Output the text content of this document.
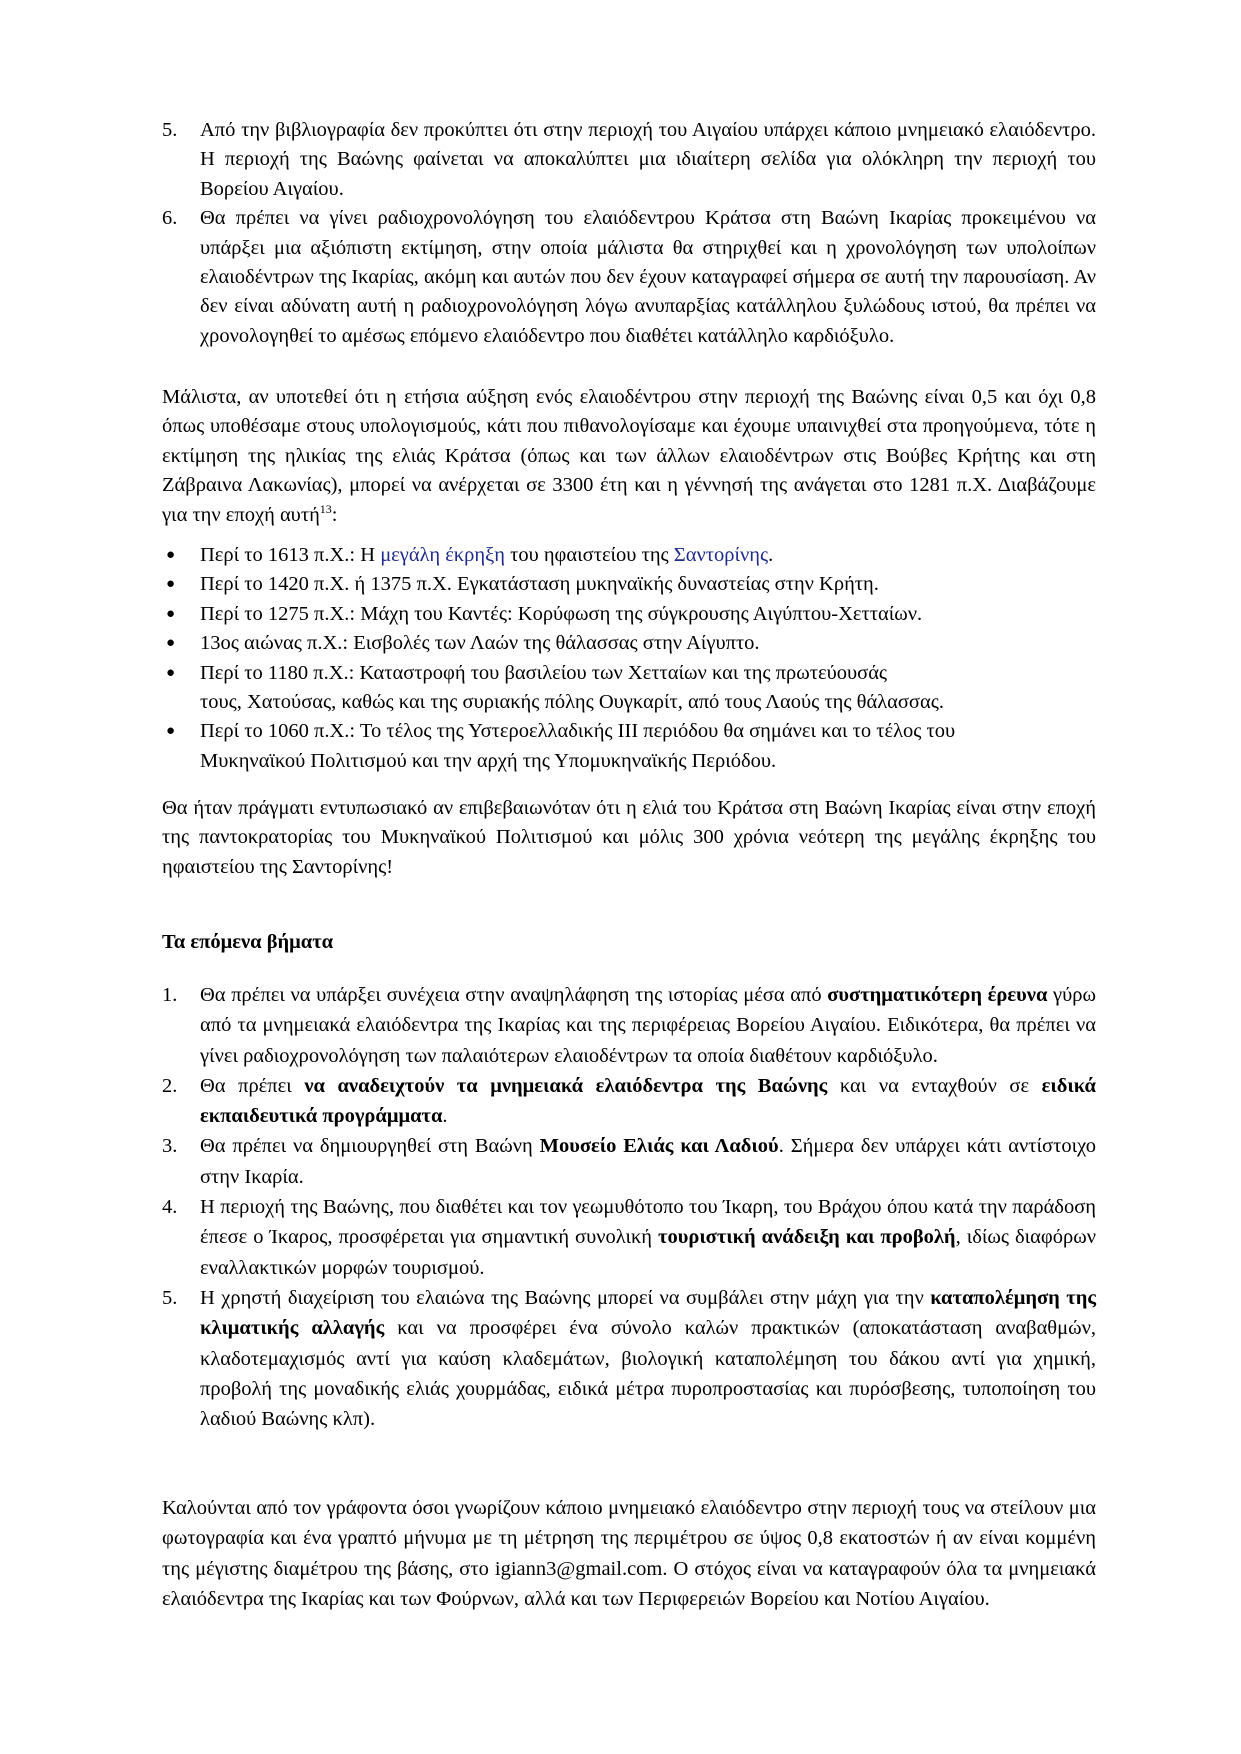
5. Από την βιβλιογραφία δεν προκύπτει ότι στην περιοχή του Αιγαίου υπάρχει κάποιο μνημειακό ελαιόδεντρο. Η περιοχή της Βαώνης φαίνεται να αποκαλύπτει μια ιδιαίτερη σελίδα για ολόκληρη την περιοχή του Βορείου Αιγαίου.
6. Θα πρέπει να γίνει ραδιοχρονολόγηση του ελαιόδεντρου Κράτσα στη Βαώνη Ικαρίας προκειμένου να υπάρξει μια αξιόπιστη εκτίμηση, στην οποία μάλιστα θα στηριχθεί και η χρονολόγηση των υπολοίπων ελαιοδέντρων της Ικαρίας, ακόμη και αυτών που δεν έχουν καταγραφεί σήμερα σε αυτή την παρουσίαση. Αν δεν είναι αδύνατη αυτή η ραδιοχρονολόγηση λόγω ανυπαρξίας κατάλληλου ξυλώδους ιστού, θα πρέπει να χρονολογηθεί το αμέσως επόμενο ελαιόδεντρο που διαθέτει κατάλληλο καρδιόξυλο.
Μάλιστα, αν υποτεθεί ότι η ετήσια αύξηση ενός ελαιοδέντρου στην περιοχή της Βαώνης είναι 0,5 και όχι 0,8 όπως υποθέσαμε στους υπολογισμούς, κάτι που πιθανολογίσαμε και έχουμε υπαινιχθεί στα προηγούμενα, τότε η εκτίμηση της ηλικίας της ελιάς Κράτσα (όπως και των άλλων ελαιοδέντρων στις Βούβες Κρήτης και στη Ζάβραινα Λακωνίας), μπορεί να ανέρχεται σε 3300 έτη και η γέννησή της ανάγεται στο 1281 π.Χ. Διαβάζουμε για την εποχή αυτή$^{13}$:
● Περί το 1613 π.Χ.: Η μεγάλη έκρηξη του ηφαιστείου της Σαντορίνης.
● Περί το 1420 π.Χ. ή 1375 π.Χ. Εγκατάσταση μυκηναϊκής δυναστείας στην Κρήτη.
● Περί το 1275 π.Χ.: Μάχη του Καντές: Κορύφωση της σύγκρουσης Αιγύπτου-Χετταίων.
● 13ος αιώνας π.Χ.: Εισβολές των Λαών της θάλασσας στην Αίγυπτο.
● Περί το 1180 π.Χ.: Καταστροφή του βασιλείου των Χετταίων και της πρωτεύουσάς
τους, Χατούσας, καθώς και της συριακής πόλης Ουγκαρίτ, από τους Λαούς της θάλασσας.
● Περί το 1060 π.Χ.: Το τέλος της Υστεροελλαδικής ΙΙΙ περιόδου θα σημάνει και το τέλος του
Μυκηναϊκού Πολιτισμού και την αρχή της Υπομυκηναϊκής Περιόδου.
Θα ήταν πράγματι εντυπωσιακό αν επιβεβαιωνόταν ότι η ελιά του Κράτσα στη Βαώνη Ικαρίας είναι στην εποχή της παντοκρατορίας του Μυκηναϊκού Πολιτισμού και μόλις 300 χρόνια νεότερη της μεγάλης έκρηξης του ηφαιστείου της Σαντορίνης!
Τα επόμενα βήματα
1. Θα πρέπει να υπάρξει συνέχεια στην αναψηλάφηση της ιστορίας μέσα από συστηματικότερη έρευνα γύρω από τα μνημειακά ελαιόδεντρα της Ικαρίας και της περιφέρειας Βορείου Αιγαίου. Ειδικότερα, θα πρέπει να γίνει ραδιοχρονολόγηση των παλαιότερων ελαιοδέντρων τα οποία διαθέτουν καρδιόξυλο.
2. Θα πρέπει να αναδειχτούν τα μνημειακά ελαιόδεντρα της Βαώνης και να ενταχθούν σε ειδικά εκπαιδευτικά προγράμματα.
3. Θα πρέπει να δημιουργηθεί στη Βαώνη Μουσείο Ελιάς και Λαδιού. Σήμερα δεν υπάρχει κάτι αντίστοιχο στην Ικαρία.
4. Η περιοχή της Βαώνης, που διαθέτει και τον γεωμυθότοπο του Ίκαρη, του Βράχου όπου κατά την παράδοση έπεσε ο Ίκαρος, προσφέρεται για σημαντική συνολική τουριστική ανάδειξη και προβολή, ιδίως διαφόρων εναλλακτικών μορφών τουρισμού.
5. Η χρηστή διαχείριση του ελαιώνα της Βαώνης μπορεί να συμβάλει στην μάχη για την καταπολέμηση της κλιματικής αλλαγής και να προσφέρει ένα σύνολο καλών πρακτικών (αποκατάσταση αναβαθμών, κλαδοτεμαχισμός αντί για καύση κλαδεμάτων, βιολογική καταπολέμηση του δάκου αντί για χημική, προβολή της μοναδικής ελιάς χουρμάδας, ειδικά μέτρα πυροπροστασίας και πυρόσβεσης, τυποποίηση του λαδιού Βαώνης κλπ).
Καλούνται από τον γράφοντα όσοι γνωρίζουν κάποιο μνημειακό ελαιόδεντρο στην περιοχή τους να στείλουν μια φωτογραφία και ένα γραπτό μήνυμα με τη μέτρηση της περιμέτρου σε ύψος 0,8 εκατοστών ή αν είναι κομμένη της μέγιστης διαμέτρου της βάσης, στο igiann3@gmail.com. Ο στόχος είναι να καταγραφούν όλα τα μνημειακά ελαιόδεντρα της Ικαρίας και των Φούρνων, αλλά και των Περιφερειών Βορείου και Νοτίου Αιγαίου.
